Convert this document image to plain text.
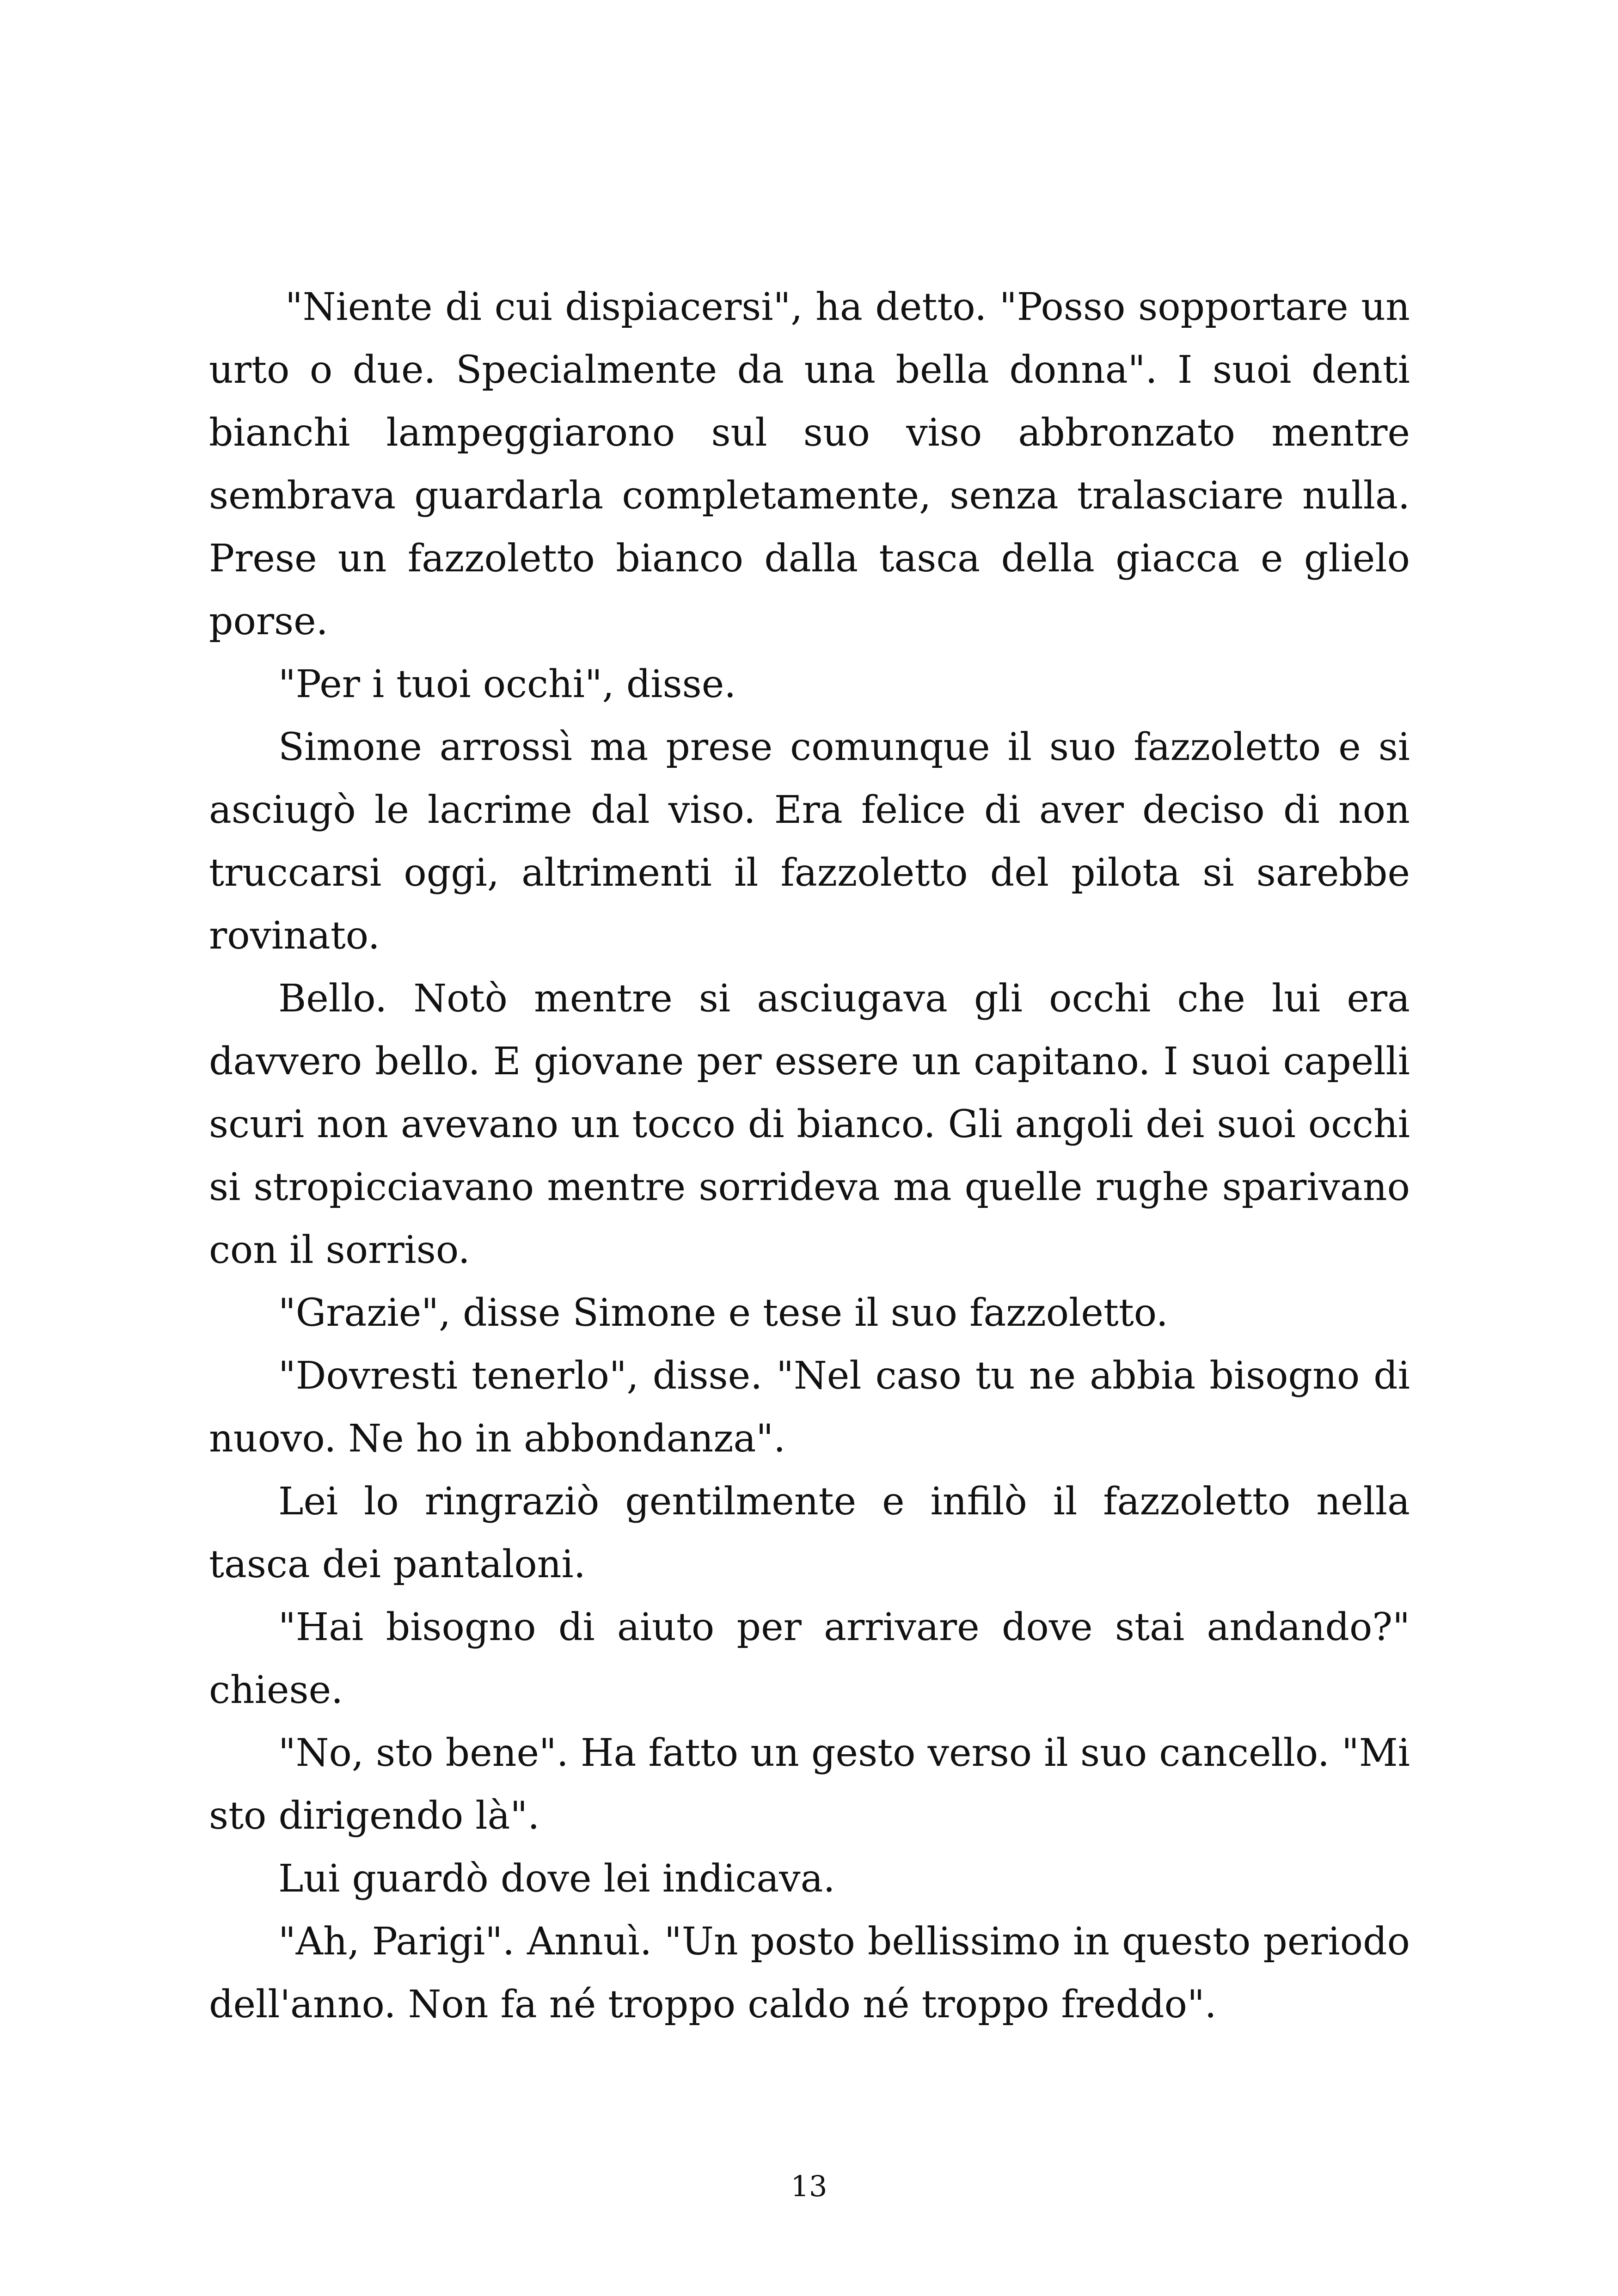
"Niente di cui dispiacersi", ha detto. "Posso sopportare un urto o due. Specialmente da una bella donna". I suoi denti bianchi lampeggiarono sul suo viso abbronzato mentre sembrava guardarla completamente, senza tralasciare nulla. Prese un fazzoletto bianco dalla tasca della giacca e glielo porse.

"Per i tuoi occhi", disse.

Simone arrossì ma prese comunque il suo fazzoletto e si asciugò le lacrime dal viso. Era felice di aver deciso di non truccarsi oggi, altrimenti il fazzoletto del pilota si sarebbe rovinato.

Bello. Notò mentre si asciugava gli occhi che lui era davvero bello. E giovane per essere un capitano. I suoi capelli scuri non avevano un tocco di bianco. Gli angoli dei suoi occhi si stropicciavano mentre sorrideva ma quelle rughe sparivano con il sorriso.

"Grazie", disse Simone e tese il suo fazzoletto.

"Dovresti tenerlo", disse. "Nel caso tu ne abbia bisogno di nuovo. Ne ho in abbondanza".

Lei lo ringraziò gentilmente e infilò il fazzoletto nella tasca dei pantaloni.

"Hai bisogno di aiuto per arrivare dove stai andando?" chiese.

"No, sto bene". Ha fatto un gesto verso il suo cancello. "Mi sto dirigendo là".

Lui guardò dove lei indicava.

"Ah, Parigi". Annuì. "Un posto bellissimo in questo periodo dell'anno. Non fa né troppo caldo né troppo freddo".

13
